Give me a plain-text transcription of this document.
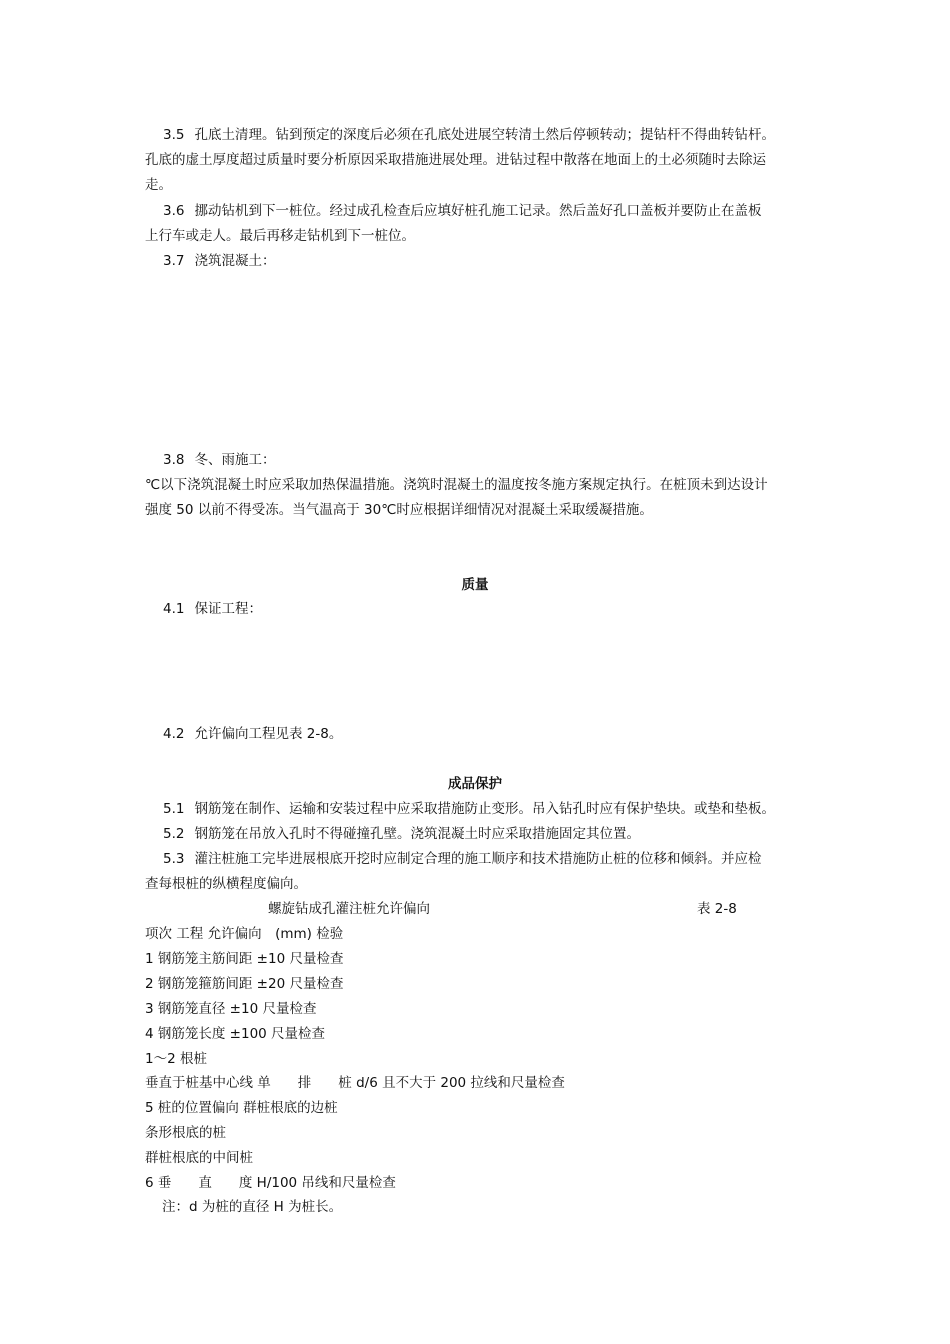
3.5 孔底土清理。钻到预定的深度后必须在孔底处进展空转清土然后停顿转动；提钻杆不得曲转钻杆。
孔底的虚土厚度超过质量时要分析原因采取措施进展处理。进钻过程中散落在地面上的土必须随时去除运
走。
3.6 挪动钻机到下一桩位。经过成孔检查后应填好桩孔施工记录。然后盖好孔口盖板并要防止在盖板
上行车或走人。最后再移走钻机到下一桩位。
3.7 浇筑混凝土：
3.8 冬、雨施工：
℃以下浇筑混凝土时应采取加热保温措施。浇筑时混凝土的温度按冬施方案规定执行。在桩顶未到达设计
强度 50 以前不得受冻。当气温高于 30℃时应根据详细情况对混凝土采取缓凝措施。
质量
4.1 保证工程：
4.2 允许偏向工程见表 2-8。
成品保护
5.1 钢筋笼在制作、运输和安装过程中应采取措施防止变形。吊入钻孔时应有保护垫块。或垫和垫板。
5.2 钢筋笼在吊放入孔时不得碰撞孔壁。浇筑混凝土时应采取措施固定其位置。
5.3 灌注桩施工完毕进展根底开挖时应制定合理的施工顺序和技术措施防止桩的位移和倾斜。并应检
查每根桩的纵横程度偏向。
螺旋钻成孔灌注桩允许偏向	表 2-8
项次 工程 允许偏向　(mm) 检验
1 钢筋笼主筋间距 ±10 尺量检查
2 钢筋笼箍筋间距 ±20 尺量检查
3 钢筋笼直径 ±10 尺量检查
4 钢筋笼长度 ±100 尺量检查
1～2 根桩
垂直于桩基中心线 单　　排　　桩 d/6 且不大于 200 拉线和尺量检查
5 桩的位置偏向 群桩根底的边桩
条形根底的桩
群桩根底的中间桩
6 垂　　直　　度 H/100 吊线和尺量检查
注：d 为桩的直径 H 为桩长。
